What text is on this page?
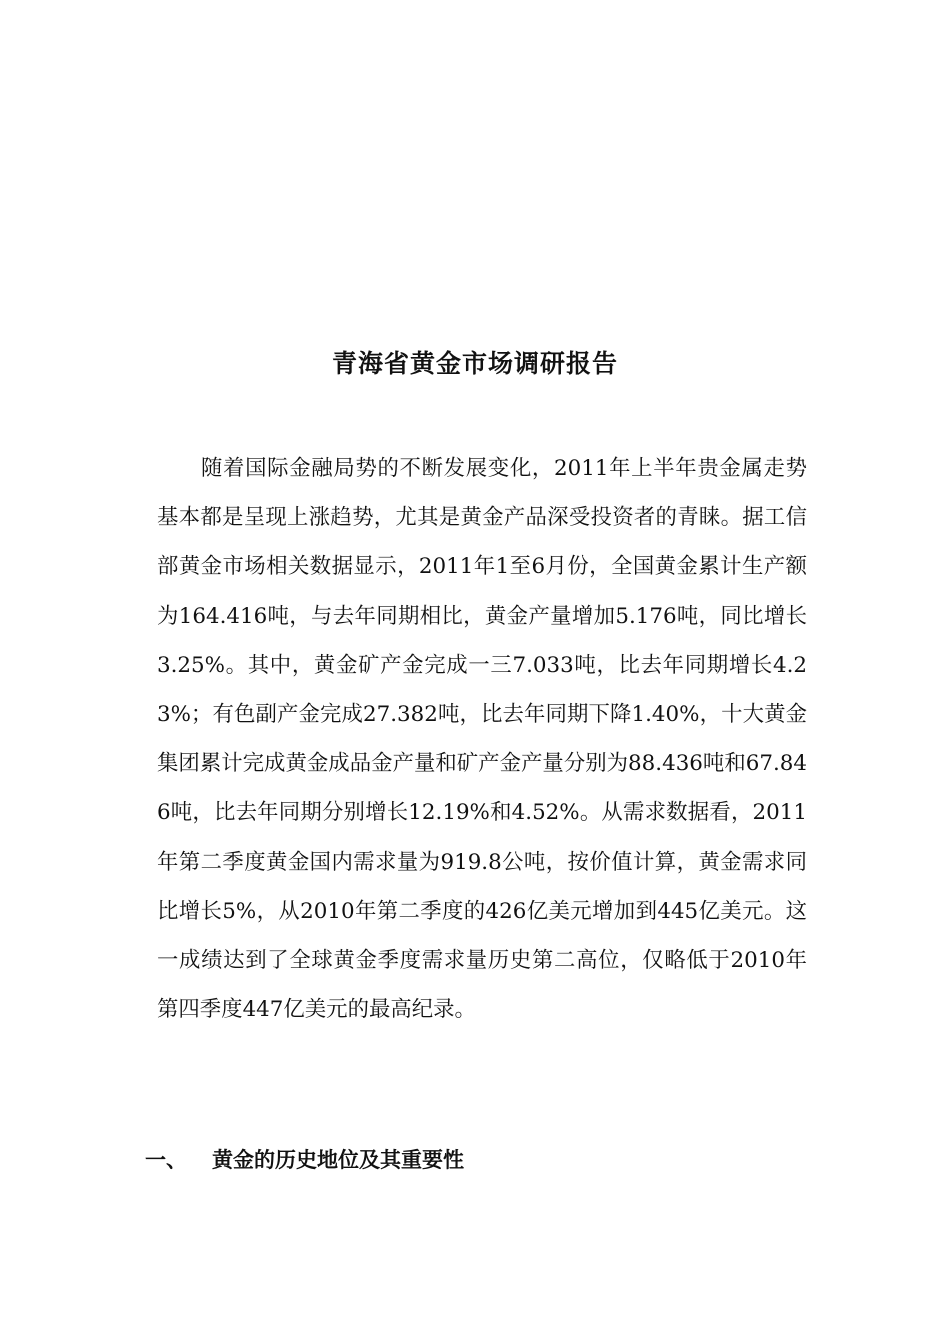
青海省黄金市场调研报告

随着国际金融局势的不断发展变化，2011年上半年贵金属走势基本都是呈现上涨趋势，尤其是黄金产品深受投资者的青睐。据工信部黄金市场相关数据显示，2011年1至6月份，全国黄金累计生产额为164.416吨，与去年同期相比，黄金产量增加5.176吨，同比增长3.25%。其中，黄金矿产金完成一三7.033吨，比去年同期增长4.23%；有色副产金完成27.382吨，比去年同期下降1.40%，十大黄金集团累计完成黄金成品金产量和矿产金产量分别为88.436吨和67.846吨，比去年同期分别增长12.19%和4.52%。从需求数据看，2011年第二季度黄金国内需求量为919.8公吨，按价值计算，黄金需求同比增长5%，从2010年第二季度的426亿美元增加到445亿美元。这一成绩达到了全球黄金季度需求量历史第二高位，仅略低于2010年第四季度447亿美元的最高纪录。

一、 黄金的历史地位及其重要性
